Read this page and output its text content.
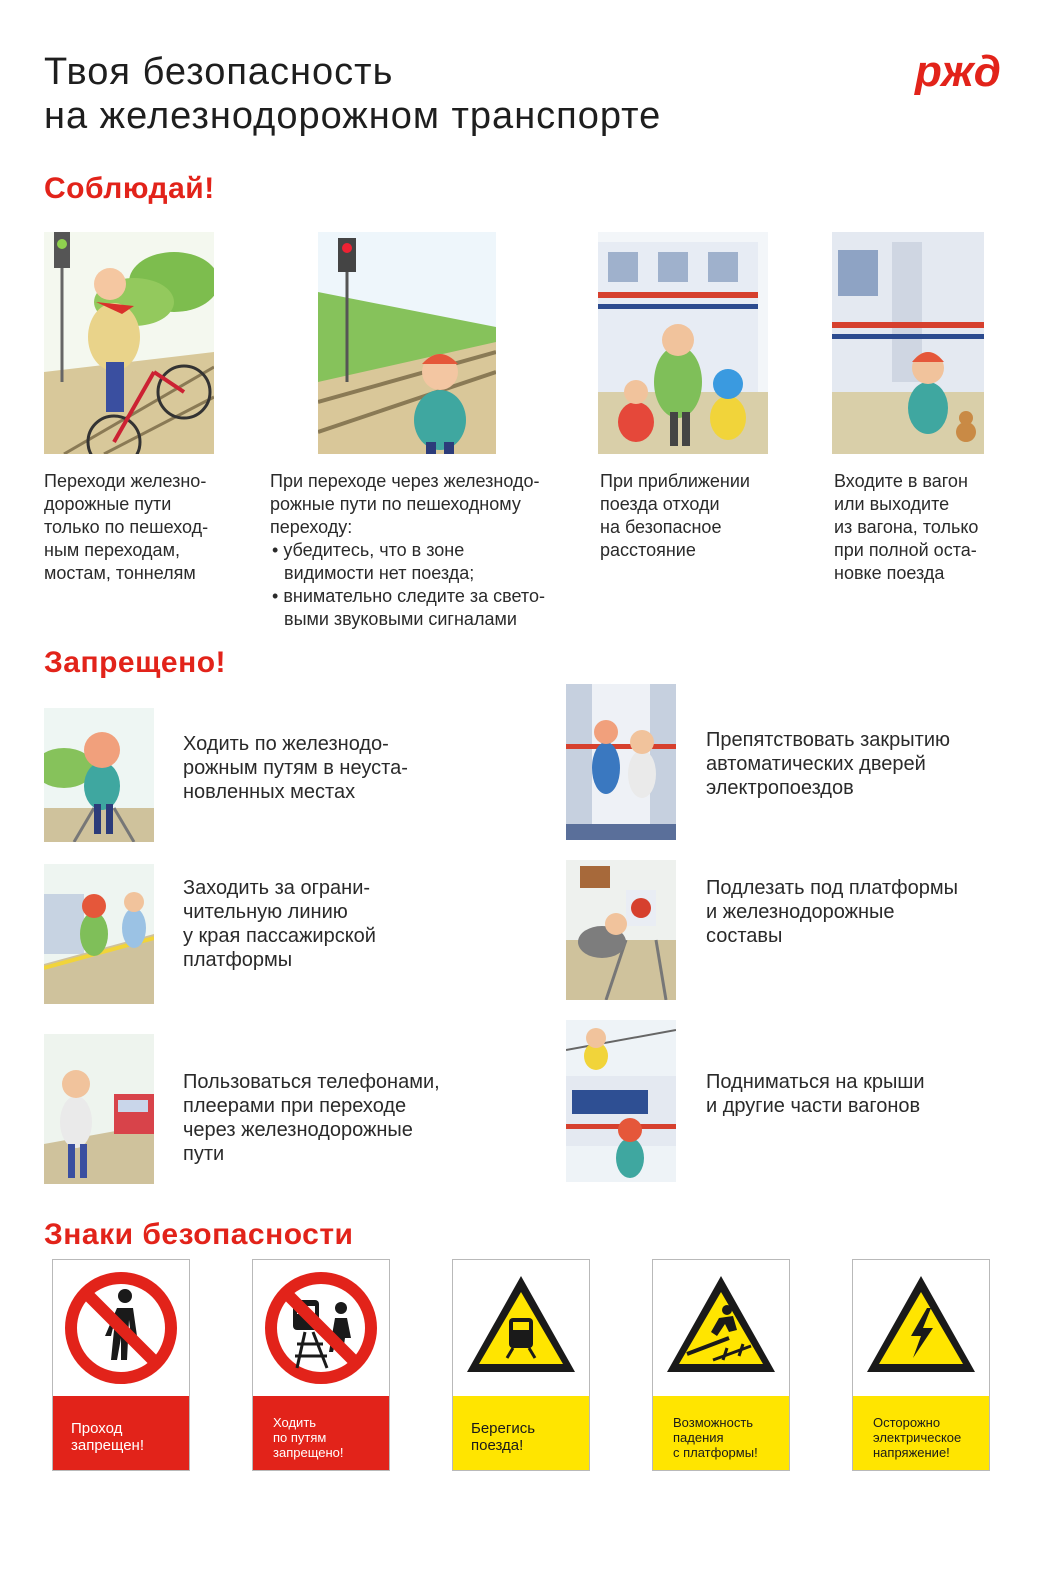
Твоя безопасность
на железнодорожном транспорте
ржд
Соблюдай!
Переходи железно-
дорожные пути
только по пешеход-
ным переходам,
мостам, тоннелям
При переходе через железнодо-
рожные пути по пешеходному
переходу:
• убедитесь, что в зоне
видимости нет поезда;
• внимательно следите за свето-
выми звуковыми сигналами
При приближении
поезда отходи
на безопасное
расстояние
Входите в вагон
или выходите
из вагона, только
при полной оста-
новке поезда
Запрещено!
Ходить по железнодо-
рожным путям в неуста-
новленных местах
Препятствовать закрытию
автоматических дверей
электропоездов
Заходить за ограни-
чительную линию
у края пассажирской
платформы
Подлезать под платформы
и железнодорожные
составы
Пользоваться телефонами,
плеерами при переходе
через железнодорожные
пути
Подниматься на крыши
и другие части вагонов
Знаки безопасности
Проход
запрещен!
Ходить
по путям
запрещено!
Берегись
поезда!
Возможность
падения
с платформы!
Осторожно
электрическое
напряжение!
